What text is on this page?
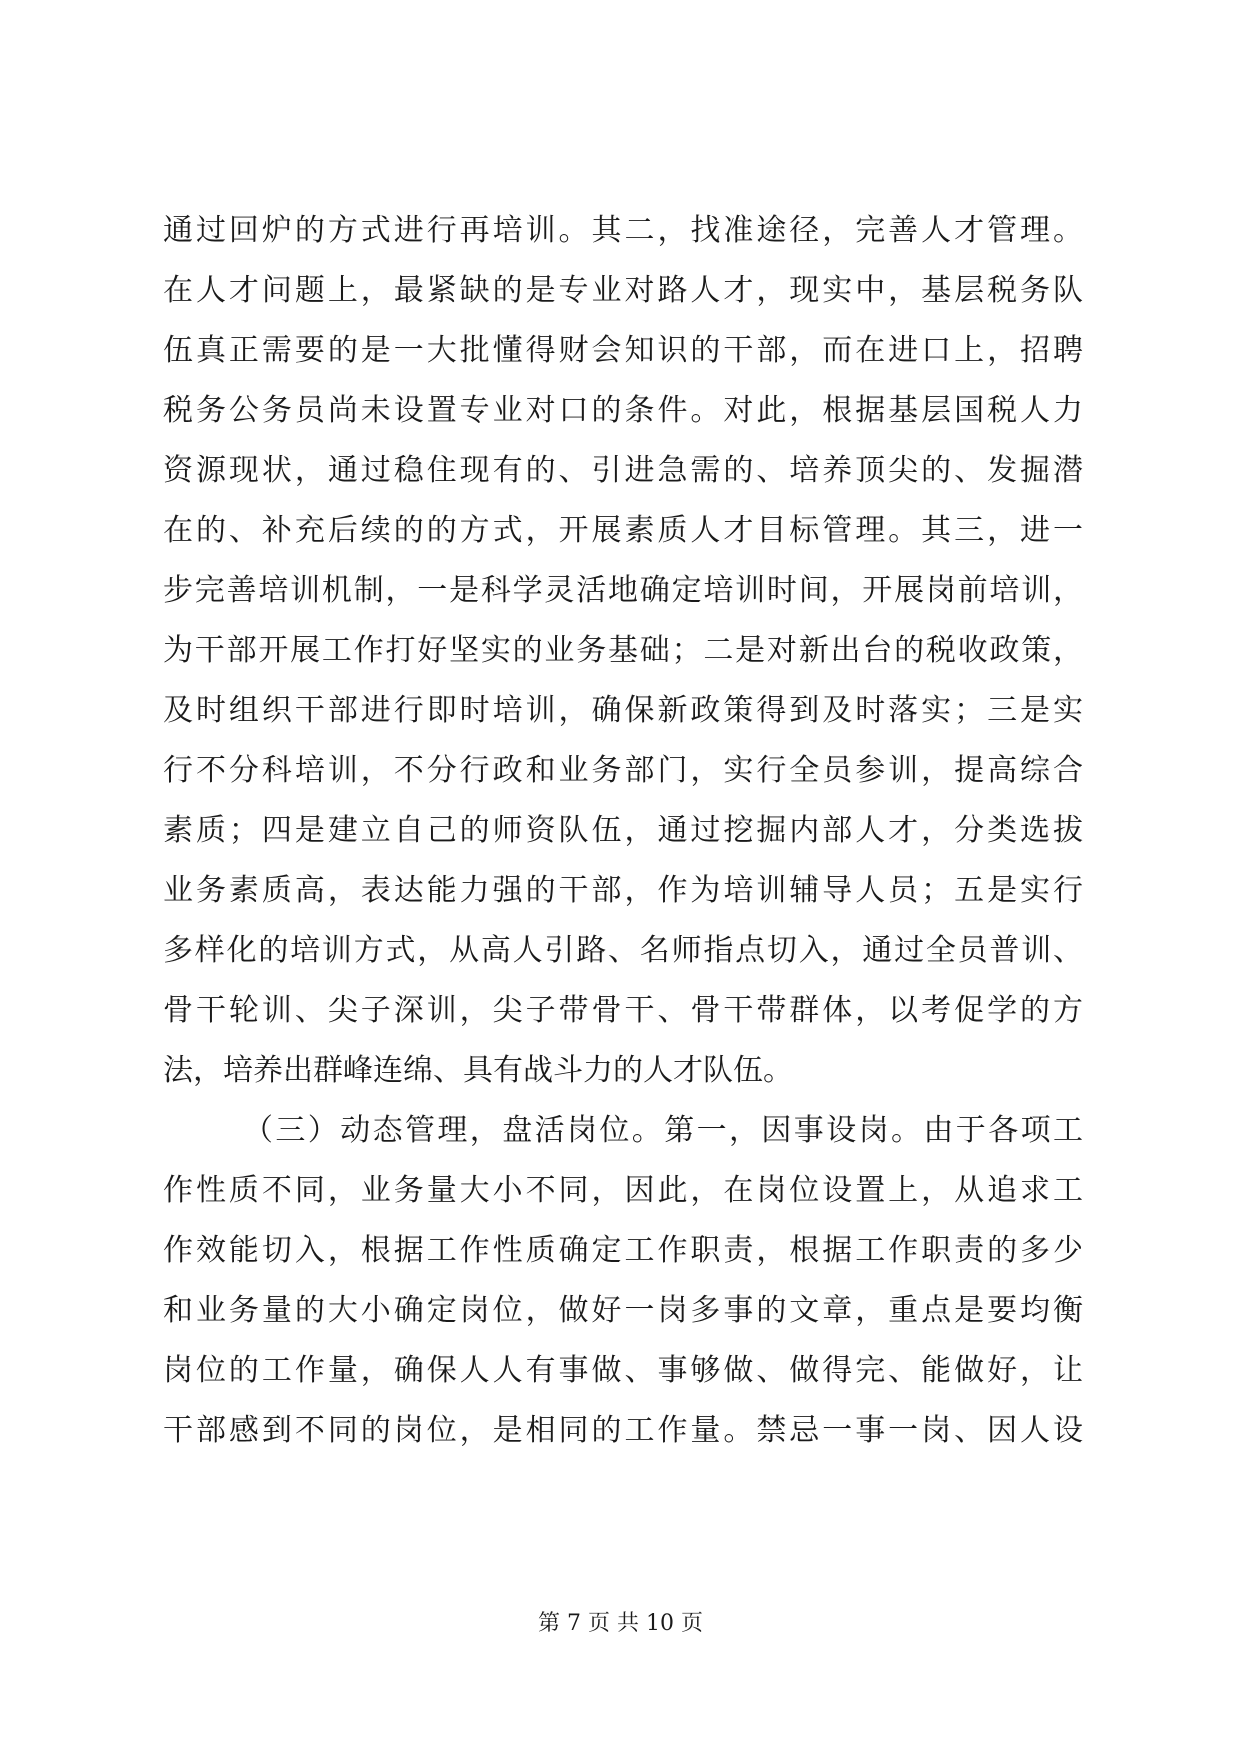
通过回炉的方式进行再培训。其二，找准途径，完善人才管理。
在人才问题上，最紧缺的是专业对路人才，现实中，基层税务队
伍真正需要的是一大批懂得财会知识的干部，而在进口上，招聘
税务公务员尚未设置专业对口的条件。对此，根据基层国税人力
资源现状，通过稳住现有的、引进急需的、培养顶尖的、发掘潜
在的、补充后续的的方式，开展素质人才目标管理。其三，进一
步完善培训机制，一是科学灵活地确定培训时间，开展岗前培训，
为干部开展工作打好坚实的业务基础；二是对新出台的税收政策，
及时组织干部进行即时培训，确保新政策得到及时落实；三是实
行不分科培训，不分行政和业务部门，实行全员参训，提高综合
素质；四是建立自己的师资队伍，通过挖掘内部人才，分类选拔
业务素质高，表达能力强的干部，作为培训辅导人员；五是实行
多样化的培训方式，从高人引路、名师指点切入，通过全员普训、
骨干轮训、尖子深训，尖子带骨干、骨干带群体，以考促学的方
法，培养出群峰连绵、具有战斗力的人才队伍。
（三）动态管理，盘活岗位。第一，因事设岗。由于各项工
作性质不同，业务量大小不同，因此，在岗位设置上，从追求工
作效能切入，根据工作性质确定工作职责，根据工作职责的多少
和业务量的大小确定岗位，做好一岗多事的文章，重点是要均衡
岗位的工作量，确保人人有事做、事够做、做得完、能做好，让
干部感到不同的岗位，是相同的工作量。禁忌一事一岗、因人设
第 7 页 共 10 页
